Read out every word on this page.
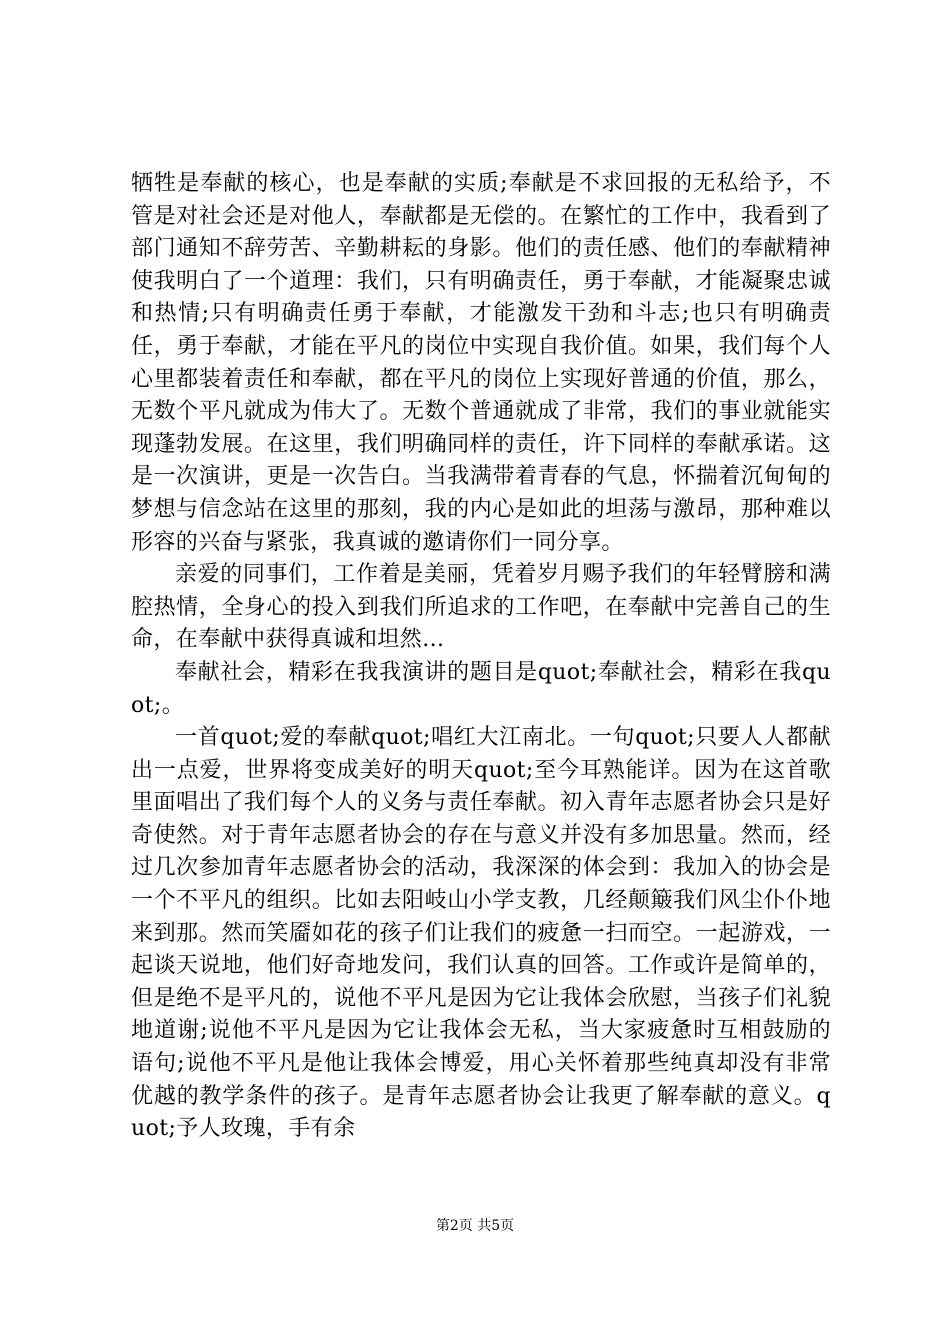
牺牲是奉献的核心，也是奉献的实质;奉献是不求回报的无私给予，不管是对社会还是对他人，奉献都是无偿的。在繁忙的工作中，我看到了部门通知不辞劳苦、辛勤耕耘的身影。他们的责任感、他们的奉献精神使我明白了一个道理：我们，只有明确责任，勇于奉献，才能凝聚忠诚和热情;只有明确责任勇于奉献，才能激发干劲和斗志;也只有明确责任，勇于奉献，才能在平凡的岗位中实现自我价值。如果，我们每个人心里都装着责任和奉献，都在平凡的岗位上实现好普通的价值，那么，无数个平凡就成为伟大了。无数个普通就成了非常，我们的事业就能实现蓬勃发展。在这里，我们明确同样的责任，许下同样的奉献承诺。这是一次演讲，更是一次告白。当我满带着青春的气息，怀揣着沉甸甸的梦想与信念站在这里的那刻，我的内心是如此的坦荡与激昂，那种难以形容的兴奋与紧张，我真诚的邀请你们一同分享。

亲爱的同事们，工作着是美丽，凭着岁月赐予我们的年轻臂膀和满腔热情，全身心的投入到我们所追求的工作吧，在奉献中完善自己的生命，在奉献中获得真诚和坦然...

奉献社会，精彩在我我演讲的题目是quot;奉献社会，精彩在我quot;。

一首quot;爱的奉献quot;唱红大江南北。一句quot;只要人人都献出一点爱，世界将变成美好的明天quot;至今耳熟能详。因为在这首歌里面唱出了我们每个人的义务与责任奉献。初入青年志愿者协会只是好奇使然。对于青年志愿者协会的存在与意义并没有多加思量。然而，经过几次参加青年志愿者协会的活动，我深深的体会到：我加入的协会是一个不平凡的组织。比如去阳岐山小学支教，几经颠簸我们风尘仆仆地来到那。然而笑靥如花的孩子们让我们的疲惫一扫而空。一起游戏，一起谈天说地，他们好奇地发问，我们认真的回答。工作或许是简单的，但是绝不是平凡的，说他不平凡是因为它让我体会欣慰，当孩子们礼貌地道谢;说他不平凡是因为它让我体会无私，当大家疲惫时互相鼓励的语句;说他不平凡是他让我体会博爱，用心关怀着那些纯真却没有非常优越的教学条件的孩子。是青年志愿者协会让我更了解奉献的意义。quot;予人玫瑰，手有余

第2页 共5页
